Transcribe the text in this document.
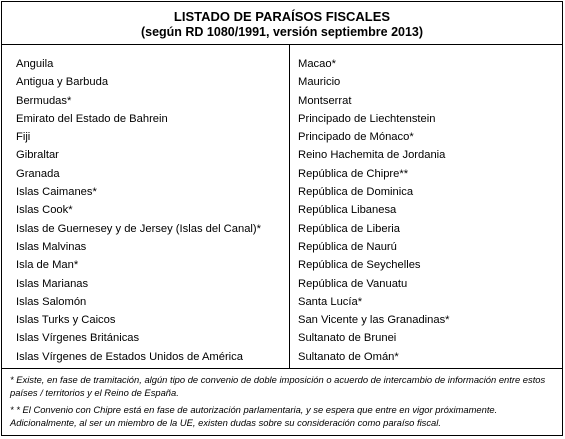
LISTADO DE PARAÍSOS FISCALES
(según RD 1080/1991, versión septiembre 2013)
Anguila
Antigua y Barbuda
Bermudas*
Emirato del Estado de Bahrein
Fiji
Gibraltar
Granada
Islas Caimanes*
Islas Cook*
Islas de Guernesey y de Jersey (Islas del Canal)*
Islas Malvinas
Isla de Man*
Islas Marianas
Islas Salomón
Islas Turks y Caicos
Islas Vírgenes Británicas
Islas Vírgenes de Estados Unidos de América
Macao*
Mauricio
Montserrat
Principado de Liechtenstein
Principado de Mónaco*
Reino Hachemita de Jordania
República de Chipre**
República de Dominica
República Libanesa
República de Liberia
República de Naurú
República de Seychelles
República de Vanuatu
Santa Lucía*
San Vicente y las Granadinas*
Sultanato de Brunei
Sultanato de Omán*

* Existe, en fase de tramitación, algún tipo de convenio de doble imposición o acuerdo de intercambio de información entre estos países / territorios y el Reino de España.

* * El Convenio con Chipre está en fase de autorización parlamentaria, y se espera que entre en vigor próximamente. Adicionalmente, al ser un miembro de la UE, existen dudas sobre su consideración como paraíso fiscal.
